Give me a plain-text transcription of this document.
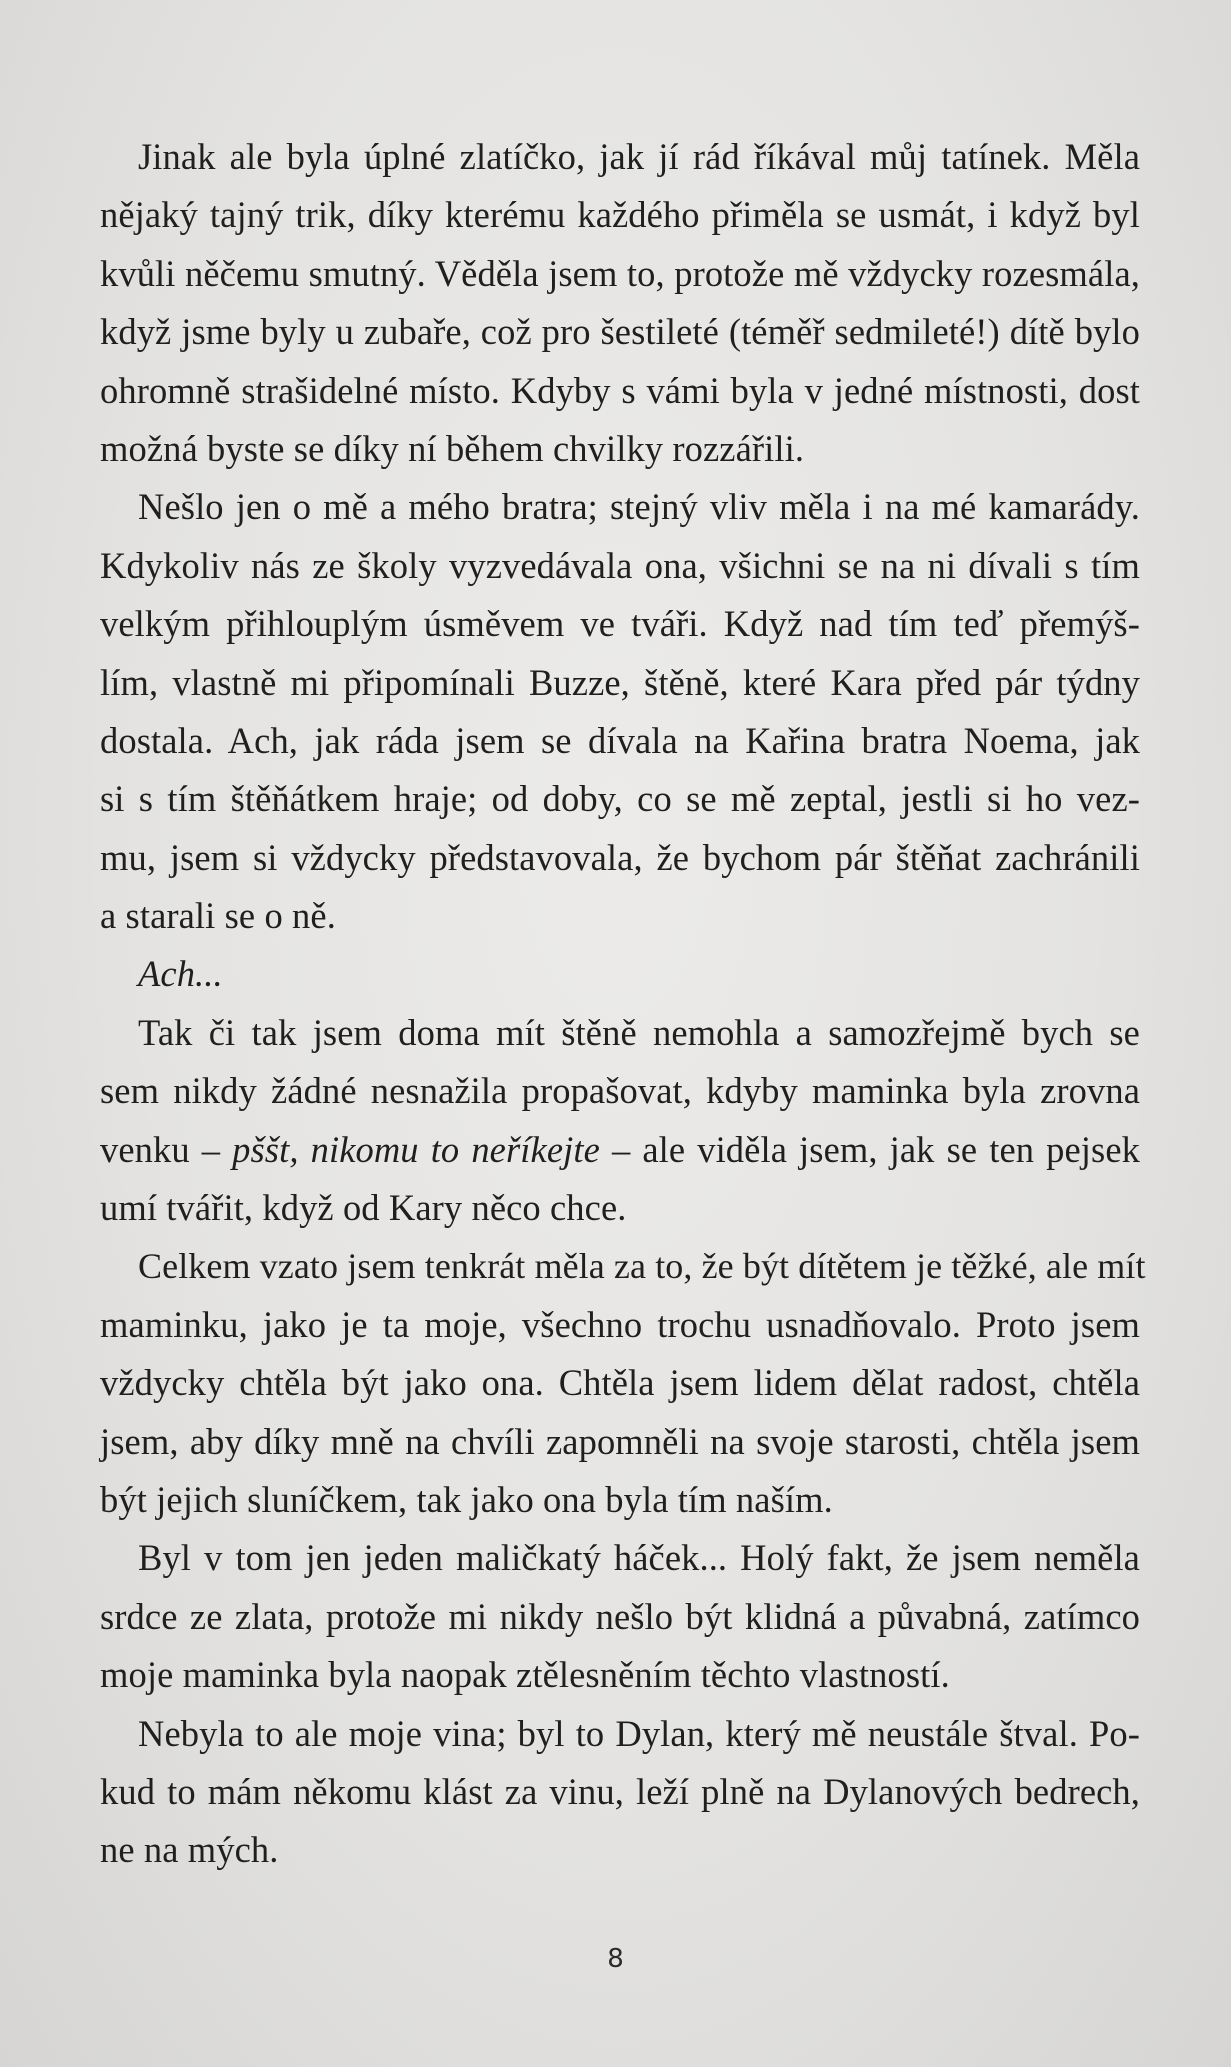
Jinak ale byla úplné zlatíčko, jak jí rád říkával můj tatínek. Měla
nějaký tajný trik, díky kterému každého přiměla se usmát, i když byl
kvůli něčemu smutný. Věděla jsem to, protože mě vždycky rozesmála,
když jsme byly u zubaře, což pro šestileté (téměř sedmileté!) dítě bylo
ohromně strašidelné místo. Kdyby s vámi byla v jedné místnosti, dost
možná byste se díky ní během chvilky rozzářili.
Nešlo jen o mě a mého bratra; stejný vliv měla i na mé kamarády.
Kdykoliv nás ze školy vyzvedávala ona, všichni se na ni dívali s tím
velkým přihlouplým úsměvem ve tváři. Když nad tím teď přemýš-
lím, vlastně mi připomínali Buzze, štěně, které Kara před pár týdny
dostala. Ach, jak ráda jsem se dívala na Kařina bratra Noema, jak
si s tím štěňátkem hraje; od doby, co se mě zeptal, jestli si ho vez-
mu, jsem si vždycky představovala, že bychom pár štěňat zachránili
a starali se o ně.
Ach...
Tak či tak jsem doma mít štěně nemohla a samozřejmě bych se
sem nikdy žádné nesnažila propašovat, kdyby maminka byla zrovna
venku – pššt, nikomu to neříkejte – ale viděla jsem, jak se ten pejsek
umí tvářit, když od Kary něco chce.
Celkem vzato jsem tenkrát měla za to, že být dítětem je těžké, ale mít
maminku, jako je ta moje, všechno trochu usnadňovalo. Proto jsem
vždycky chtěla být jako ona. Chtěla jsem lidem dělat radost, chtěla
jsem, aby díky mně na chvíli zapomněli na svoje starosti, chtěla jsem
být jejich sluníčkem, tak jako ona byla tím naším.
Byl v tom jen jeden maličkatý háček... Holý fakt, že jsem neměla
srdce ze zlata, protože mi nikdy nešlo být klidná a půvabná, zatímco
moje maminka byla naopak ztělesněním těchto vlastností.
Nebyla to ale moje vina; byl to Dylan, který mě neustále štval. Po-
kud to mám někomu klást za vinu, leží plně na Dylanových bedrech,
ne na mých.
8
